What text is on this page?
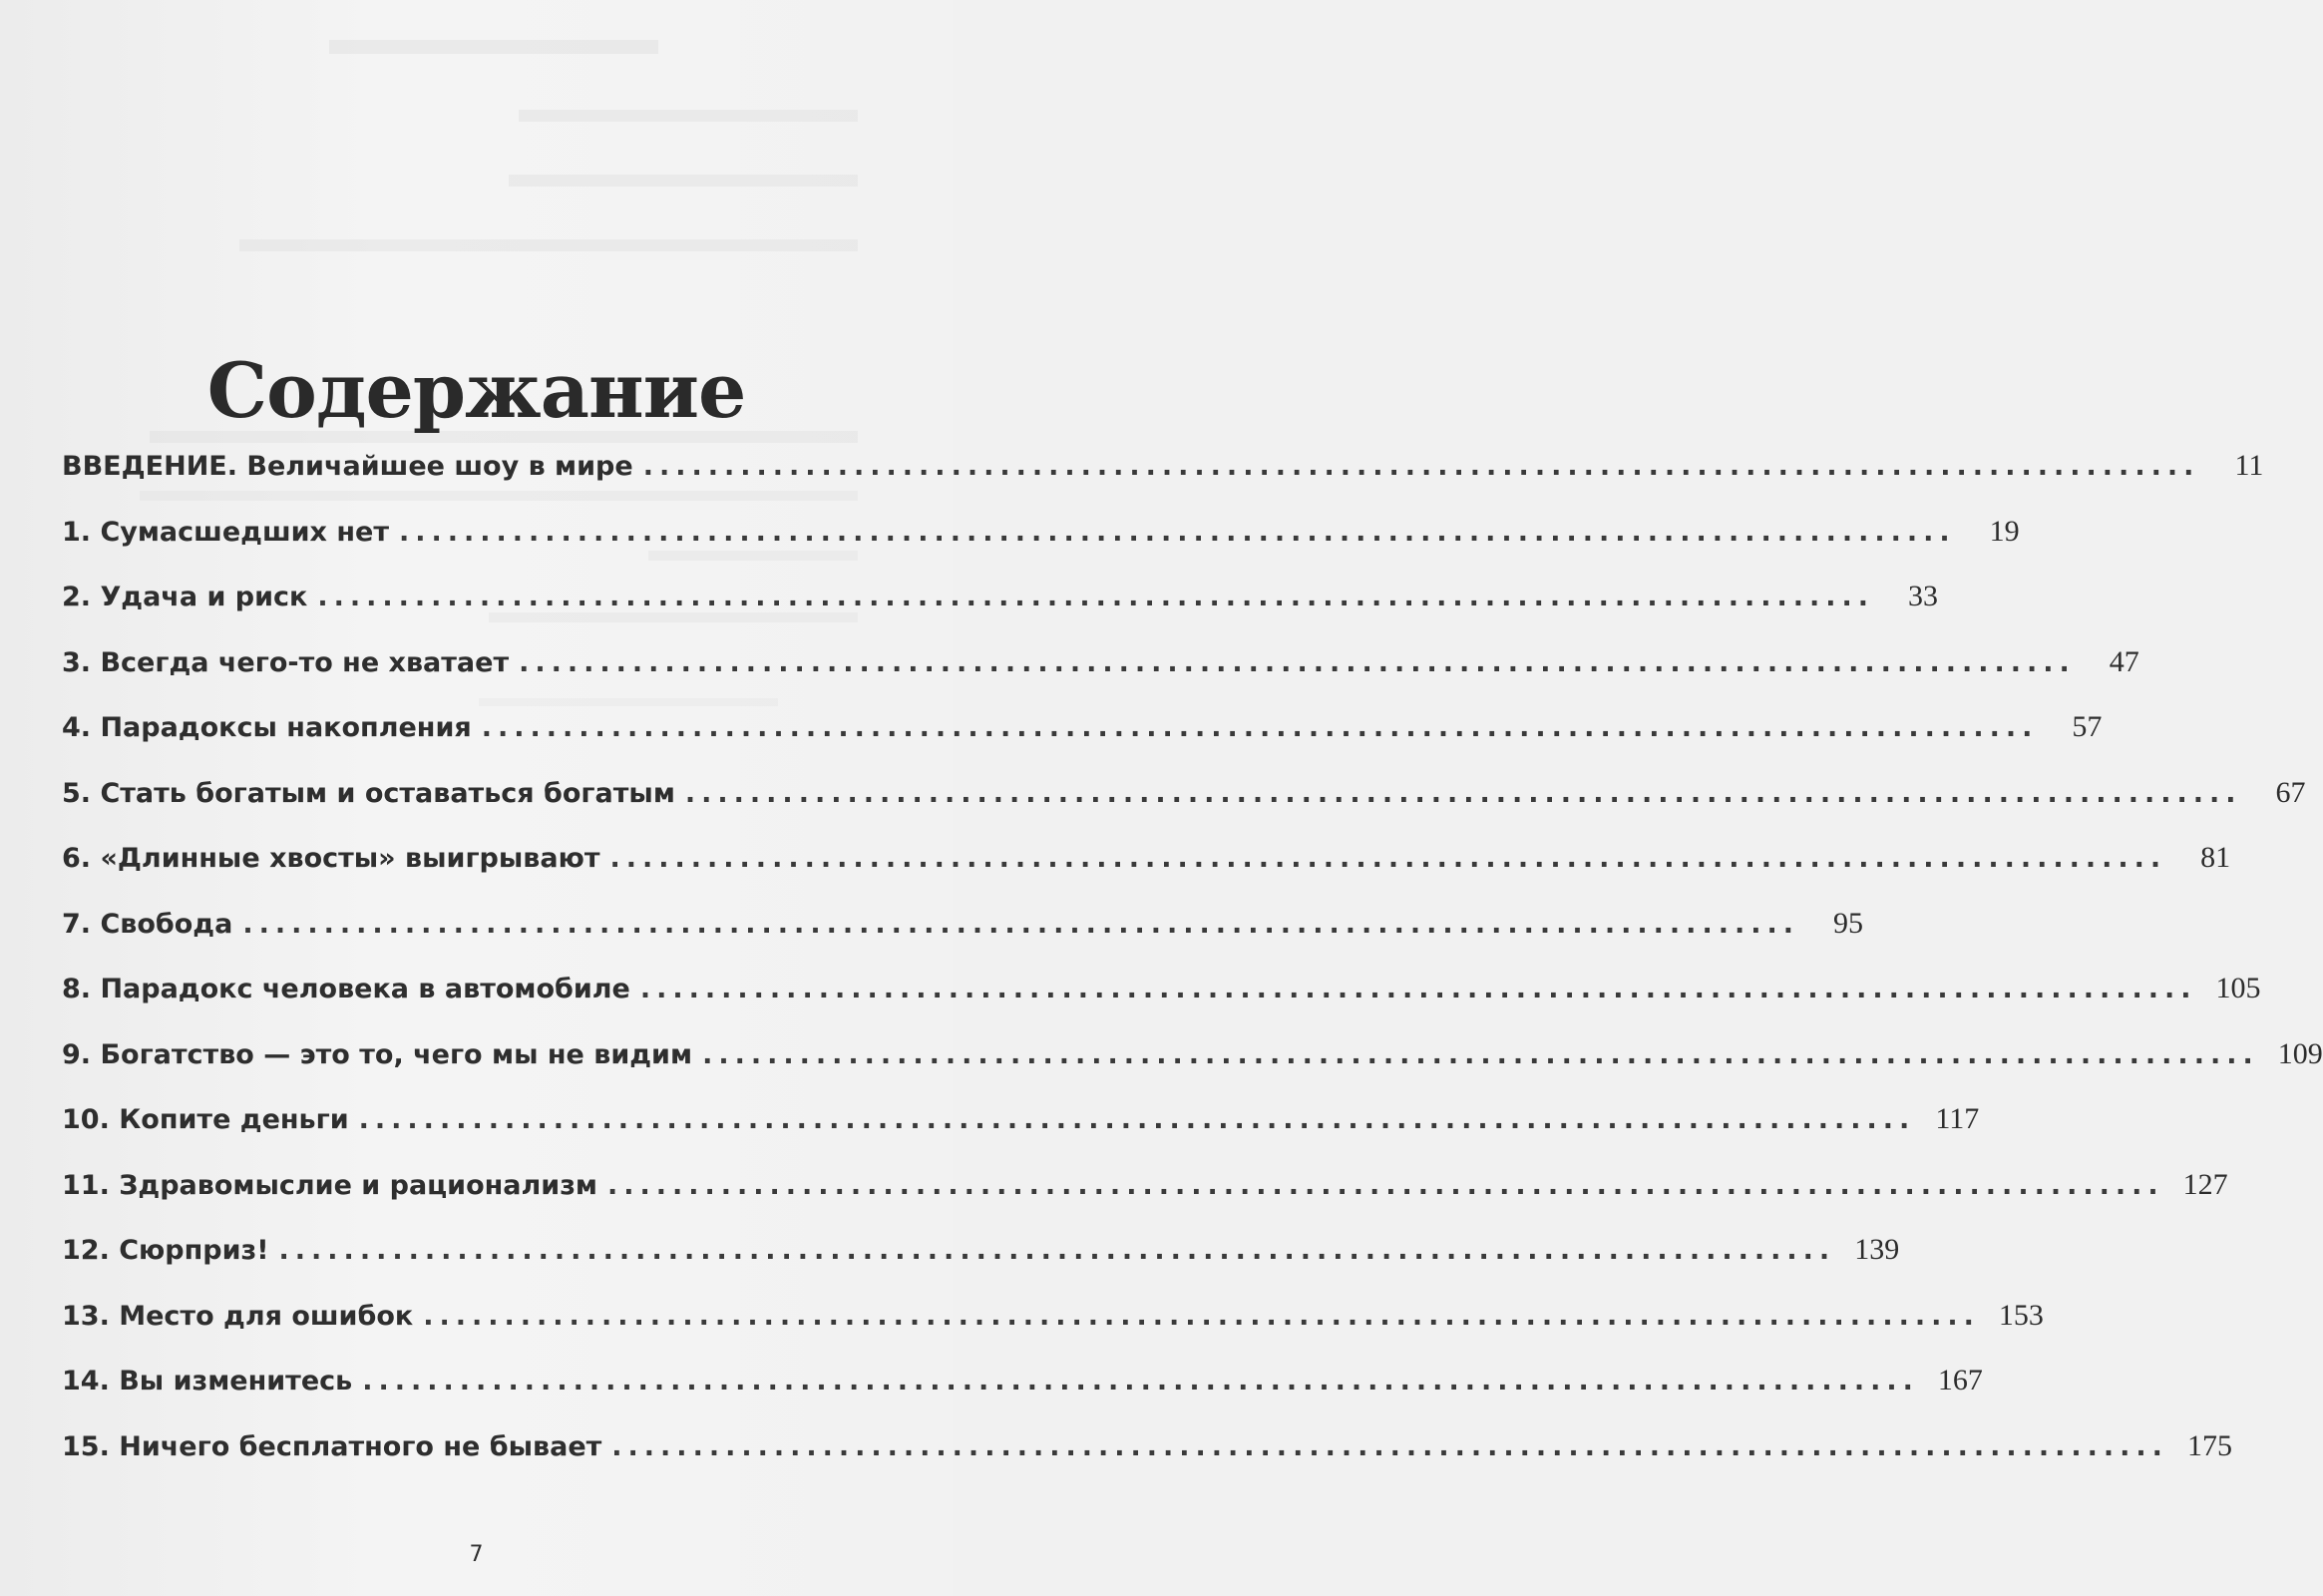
Содержание
ВВЕДЕНИЕ. Величайшее шоу в мире ................................................................................................	11
1. Сумасшедших нет ................................................................................................	19
2. Удача и риск ................................................................................................	33
3. Всегда чего-то не хватает ................................................................................................	47
4. Парадоксы накопления ................................................................................................	57
5. Стать богатым и оставаться богатым ................................................................................................	67
6. «Длинные хвосты» выигрывают ................................................................................................	81
7. Свобода ................................................................................................	95
8. Парадокс человека в автомобиле ................................................................................................ 105
9. Богатство — это то, чего мы не видим ................................................................................................ 109
10. Копите деньги ................................................................................................ 117
11. Здравомыслие и рационализм ................................................................................................ 127
12. Сюрприз! ................................................................................................ 139
13. Место для ошибок ................................................................................................ 153
14. Вы изменитесь ................................................................................................ 167
15. Ничего бесплатного не бывает ................................................................................................ 175
7
